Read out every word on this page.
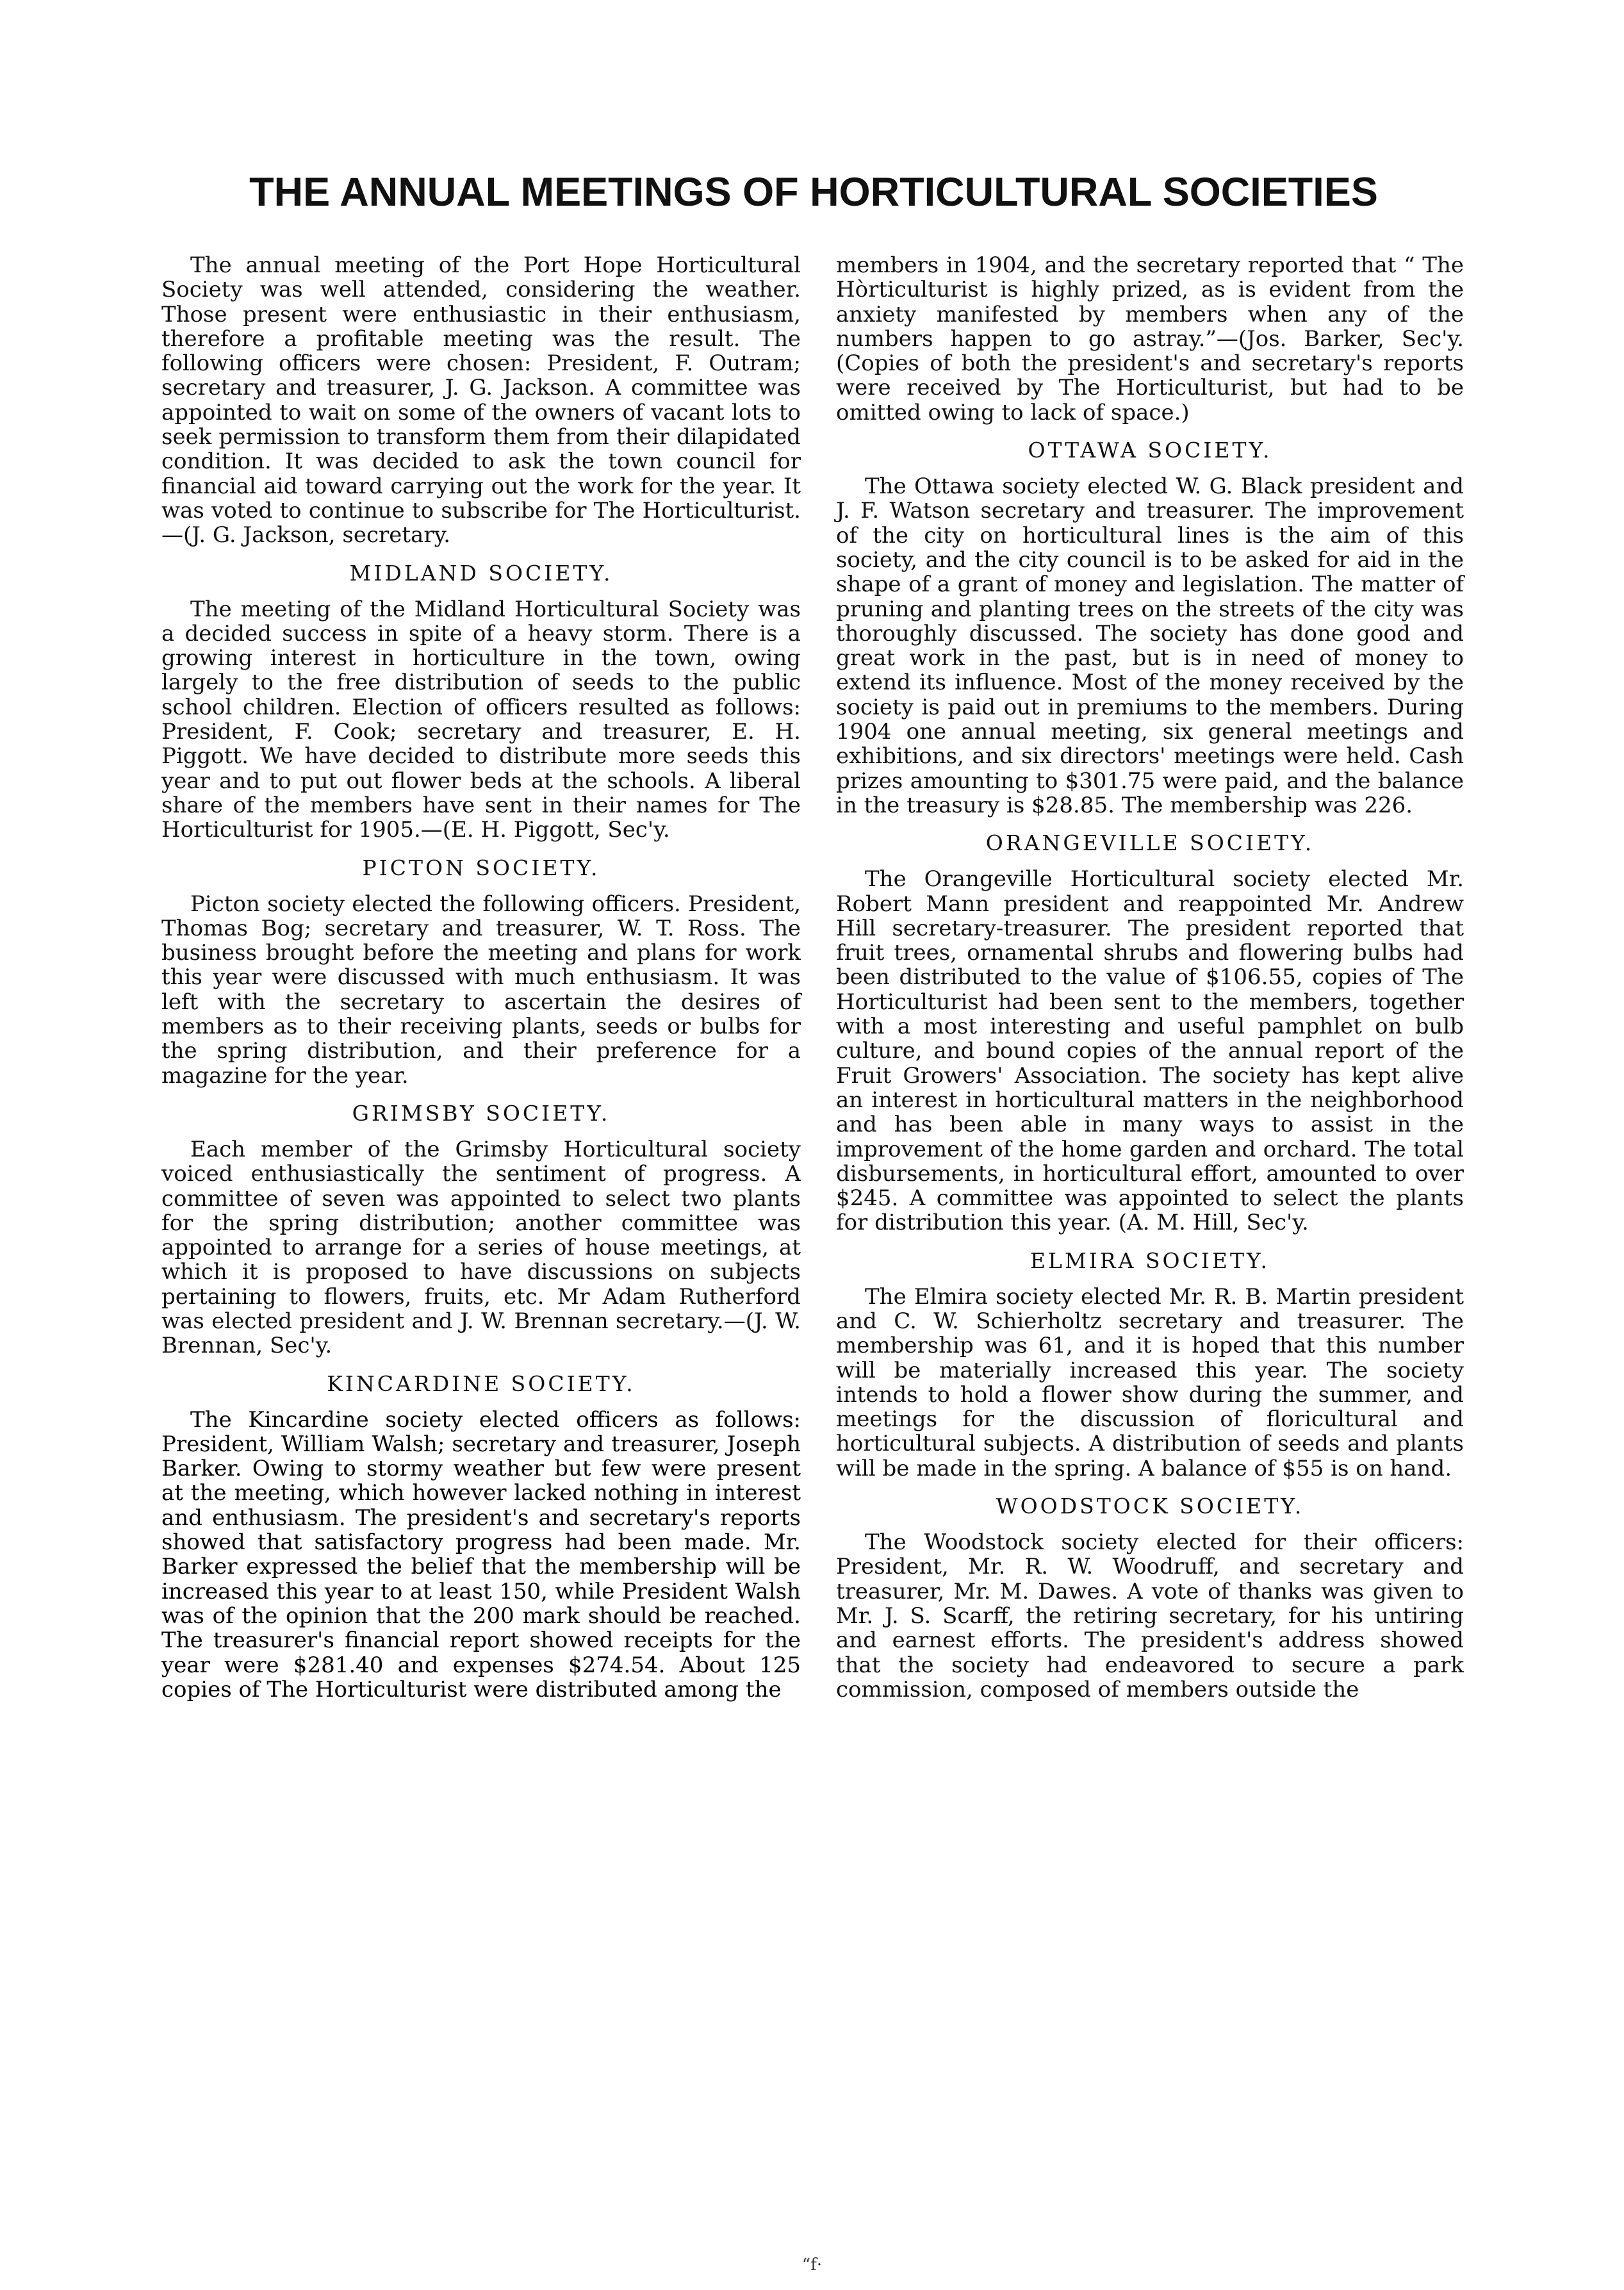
THE ANNUAL MEETINGS OF HORTICULTURAL SOCIETIES

The annual meeting of the Port Hope Horticultural Society was well attended, considering the weather. Those present were enthusiastic in their enthusiasm, therefore a profitable meeting was the result. The following officers were chosen: President, F. Outram; secretary and treasurer, J. G. Jackson. A committee was appointed to wait on some of the owners of vacant lots to seek permission to transform them from their dilapidated condition. It was decided to ask the town council for financial aid toward carrying out the work for the year. It was voted to continue to subscribe for The Horticulturist.—(J. G. Jackson, secretary.

MIDLAND SOCIETY.

The meeting of the Midland Horticultural Society was a decided success in spite of a heavy storm. There is a growing interest in horticulture in the town, owing largely to the free distribution of seeds to the public school children. Election of officers resulted as follows: President, F. Cook; secretary and treasurer, E. H. Piggott. We have decided to distribute more seeds this year and to put out flower beds at the schools. A liberal share of the members have sent in their names for The Horticulturist for 1905.—(E. H. Piggott, Sec'y.

PICTON SOCIETY.

Picton society elected the following officers. President, Thomas Bog; secretary and treasurer, W. T. Ross. The business brought before the meeting and plans for work this year were discussed with much enthusiasm. It was left with the secretary to ascertain the desires of members as to their receiving plants, seeds or bulbs for the spring distribution, and their preference for a magazine for the year.

GRIMSBY SOCIETY.

Each member of the Grimsby Horticultural society voiced enthusiastically the sentiment of progress. A committee of seven was appointed to select two plants for the spring distribution; another committee was appointed to arrange for a series of house meetings, at which it is proposed to have discussions on subjects pertaining to flowers, fruits, etc. Mr Adam Rutherford was elected president and J. W. Brennan secretary.—(J. W. Brennan, Sec'y.

KINCARDINE SOCIETY.

The Kincardine society elected officers as follows: President, William Walsh; secretary and treasurer, Joseph Barker. Owing to stormy weather but few were present at the meeting, which however lacked nothing in interest and enthusiasm. The president's and secretary's reports showed that satisfactory progress had been made. Mr. Barker expressed the belief that the membership will be increased this year to at least 150, while President Walsh was of the opinion that the 200 mark should be reached. The treasurer's financial report showed receipts for the year were $281.40 and expenses $274.54. About 125 copies of The Horticulturist were distributed among the

members in 1904, and the secretary reported that “ The Hòrticulturist is highly prized, as is evident from the anxiety manifested by members when any of the numbers happen to go astray.”—(Jos. Barker, Sec'y. (Copies of both the president's and secretary's reports were received by The Horticulturist, but had to be omitted owing to lack of space.)

OTTAWA SOCIETY.

The Ottawa society elected W. G. Black president and J. F. Watson secretary and treasurer. The improvement of the city on horticultural lines is the aim of this society, and the city council is to be asked for aid in the shape of a grant of money and legislation. The matter of pruning and planting trees on the streets of the city was thoroughly discussed. The society has done good and great work in the past, but is in need of money to extend its influence. Most of the money received by the society is paid out in premiums to the members. During 1904 one annual meeting, six general meetings and exhibitions, and six directors' meetings were held. Cash prizes amounting to $301.75 were paid, and the balance in the treasury is $28.85. The membership was 226.

ORANGEVILLE SOCIETY.

The Orangeville Horticultural society elected Mr. Robert Mann president and reappointed Mr. Andrew Hill secretary-treasurer. The president reported that fruit trees, ornamental shrubs and flowering bulbs had been distributed to the value of $106.55, copies of The Horticulturist had been sent to the members, together with a most interesting and useful pamphlet on bulb culture, and bound copies of the annual report of the Fruit Growers' Association. The society has kept alive an interest in horticultural matters in the neighborhood and has been able in many ways to assist in the improvement of the home garden and orchard. The total disbursements, in horticultural effort, amounted to over $245. A committee was appointed to select the plants for distribution this year. (A. M. Hill, Sec'y.

ELMIRA SOCIETY.

The Elmira society elected Mr. R. B. Martin president and C. W. Schierholtz secretary and treasurer. The membership was 61, and it is hoped that this number will be materially increased this year. The society intends to hold a flower show during the summer, and meetings for the discussion of floricultural and horticultural subjects. A distribution of seeds and plants will be made in the spring. A balance of $55 is on hand.

WOODSTOCK SOCIETY.

The Woodstock society elected for their officers: President, Mr. R. W. Woodruff, and secretary and treasurer, Mr. M. Dawes. A vote of thanks was given to Mr. J. S. Scarff, the retiring secretary, for his untiring and earnest efforts. The president's address showed that the society had endeavored to secure a park commission, composed of members outside the

“f·
